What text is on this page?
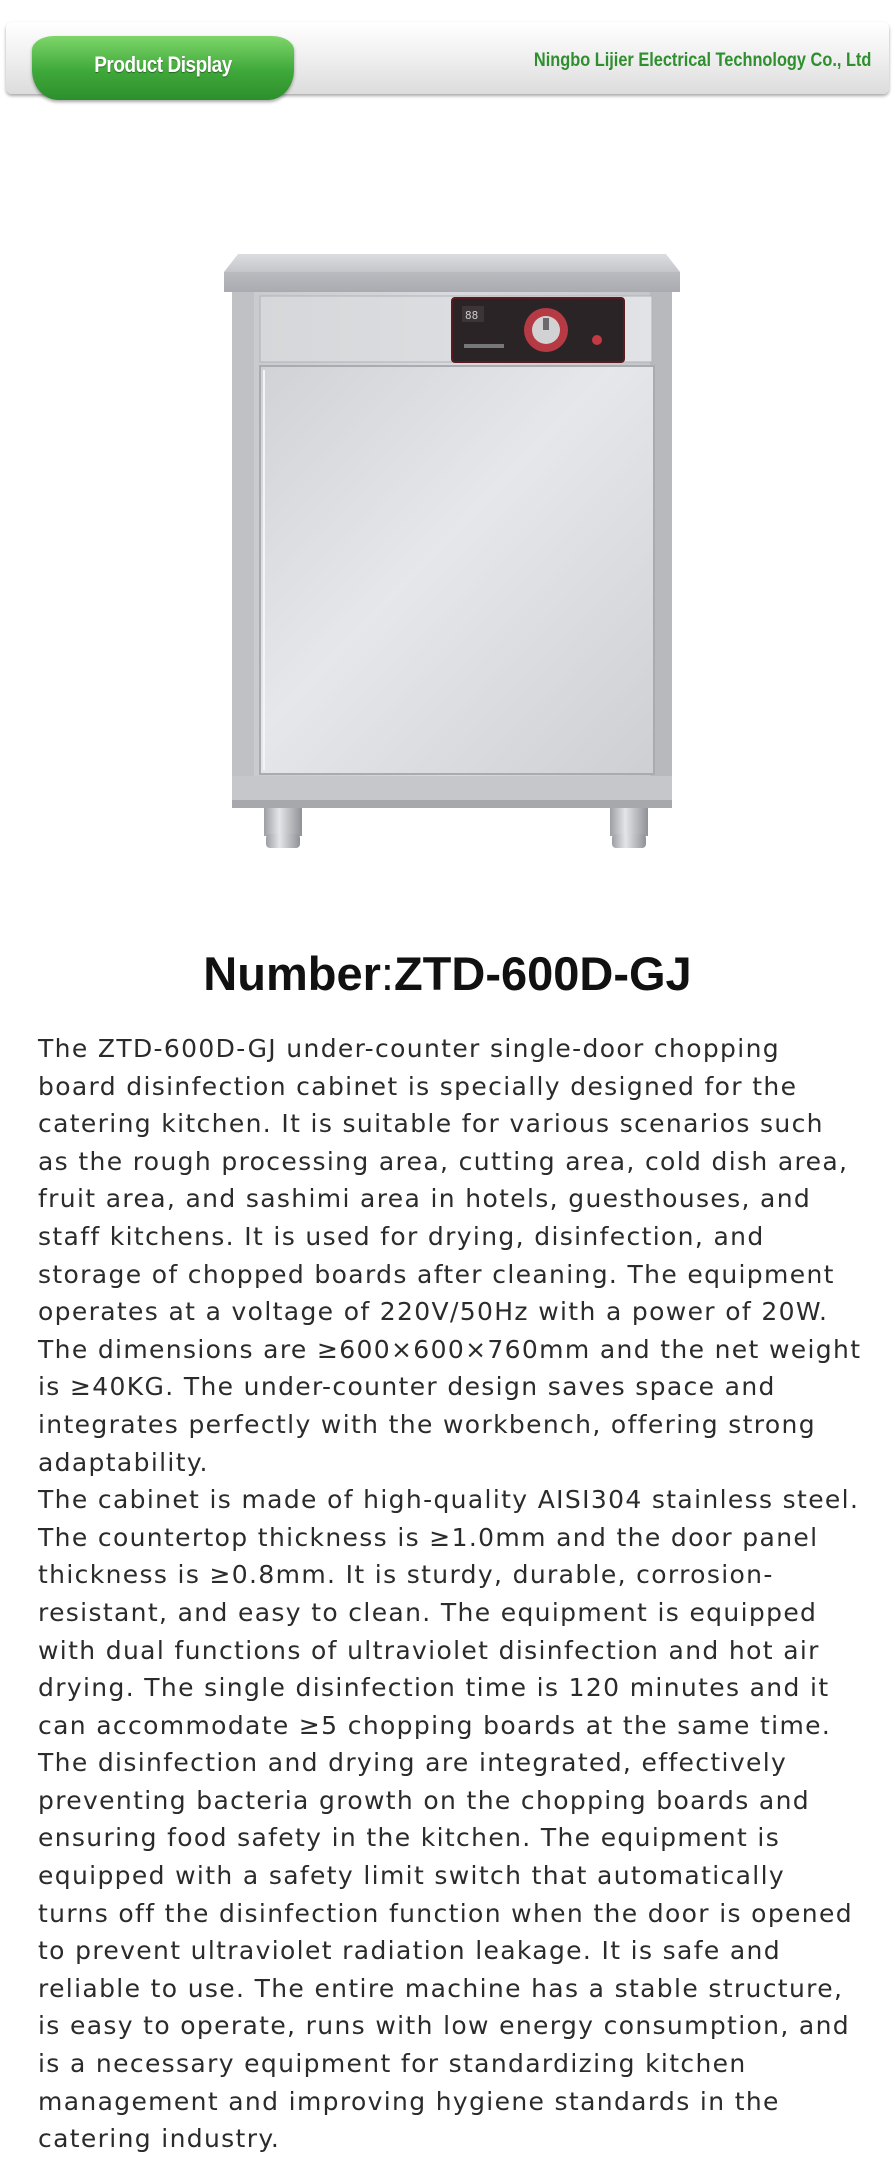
Product Display	Ningbo Lijier Electrical Technology Co., Ltd
88
Number:ZTD-600D-GJ

The ZTD-600D-GJ under-counter single-door chopping board disinfection cabinet is specially designed for the catering kitchen. It is suitable for various scenarios such as the rough processing area, cutting area, cold dish area, fruit area, and sashimi area in hotels, guesthouses, and staff kitchens. It is used for drying, disinfection, and storage of chopped boards after cleaning. The equipment operates at a voltage of 220V/50Hz with a power of 20W. The dimensions are ≥600×600×760mm and the net weight is ≥40KG. The under-counter design saves space and integrates perfectly with the workbench, offering strong adaptability.

The cabinet is made of high-quality AISI304 stainless steel. The countertop thickness is ≥1.0mm and the door panel thickness is ≥0.8mm. It is sturdy, durable, corrosion-resistant, and easy to clean. The equipment is equipped with dual functions of ultraviolet disinfection and hot air drying. The single disinfection time is 120 minutes and it can accommodate ≥5 chopping boards at the same time. The disinfection and drying are integrated, effectively preventing bacteria growth on the chopping boards and ensuring food safety in the kitchen. The equipment is equipped with a safety limit switch that automatically turns off the disinfection function when the door is opened to prevent ultraviolet radiation leakage. It is safe and reliable to use. The entire machine has a stable structure, is easy to operate, runs with low energy consumption, and is a necessary equipment for standardizing kitchen management and improving hygiene standards in the catering industry.
